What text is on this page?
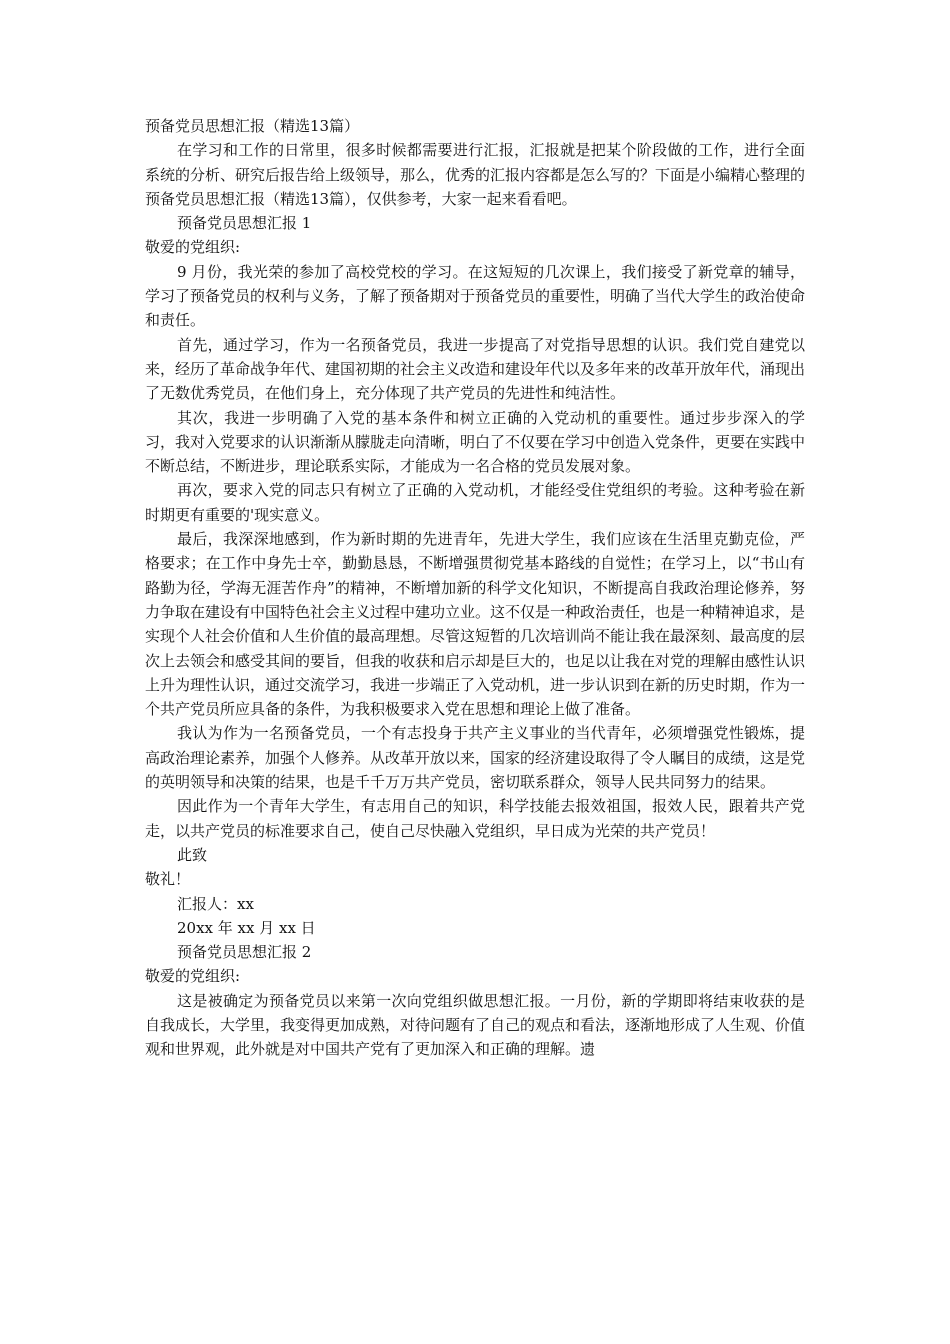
预备党员思想汇报（精选13篇）

在学习和工作的日常里，很多时候都需要进行汇报，汇报就是把某个阶段做的工作，进行全面系统的分析、研究后报告给上级领导，那么，优秀的汇报内容都是怎么写的？下面是小编精心整理的预备党员思想汇报（精选13篇），仅供参考，大家一起来看看吧。

预备党员思想汇报 1

敬爱的党组织:

9 月份，我光荣的参加了高校党校的学习。在这短短的几次课上，我们接受了新党章的辅导，学习了预备党员的权利与义务，了解了预备期对于预备党员的重要性，明确了当代大学生的政治使命和责任。

首先，通过学习，作为一名预备党员，我进一步提高了对党指导思想的认识。我们党自建党以来，经历了革命战争年代、建国初期的社会主义改造和建设年代以及多年来的改革开放年代，涌现出了无数优秀党员，在他们身上，充分体现了共产党员的先进性和纯洁性。

其次，我进一步明确了入党的基本条件和树立正确的入党动机的重要性。通过步步深入的学习，我对入党要求的认识渐渐从朦胧走向清晰，明白了不仅要在学习中创造入党条件，更要在实践中不断总结，不断进步，理论联系实际，才能成为一名合格的党员发展对象。

再次，要求入党的同志只有树立了正确的入党动机，才能经受住党组织的考验。这种考验在新时期更有重要的'现实意义。

最后，我深深地感到，作为新时期的先进青年，先进大学生，我们应该在生活里克勤克俭，严格要求；在工作中身先士卒，勤勤恳恳，不断增强贯彻党基本路线的自觉性；在学习上，以“书山有路勤为径，学海无涯苦作舟”的精神，不断增加新的科学文化知识，不断提高自我政治理论修养，努力争取在建设有中国特色社会主义过程中建功立业。这不仅是一种政治责任，也是一种精神追求，是实现个人社会价值和人生价值的最高理想。尽管这短暂的几次培训尚不能让我在最深刻、最高度的层次上去领会和感受其间的要旨，但我的收获和启示却是巨大的，也足以让我在对党的理解由感性认识上升为理性认识，通过交流学习，我进一步端正了入党动机，进一步认识到在新的历史时期，作为一个共产党员所应具备的条件，为我积极要求入党在思想和理论上做了准备。

我认为作为一名预备党员，一个有志投身于共产主义事业的当代青年，必须增强党性锻炼，提高政治理论素养，加强个人修养。从改革开放以来，国家的经济建设取得了令人瞩目的成绩，这是党的英明领导和决策的结果，也是千千万万共产党员，密切联系群众，领导人民共同努力的结果。

因此作为一个青年大学生，有志用自己的知识，科学技能去报效祖国，报效人民，跟着共产党走，以共产党员的标准要求自己，使自己尽快融入党组织，早日成为光荣的共产党员！

此致

敬礼！

汇报人：xx

20xx 年 xx 月 xx 日

预备党员思想汇报 2

敬爱的党组织:

这是被确定为预备党员以来第一次向党组织做思想汇报。一月份，新的学期即将结束收获的是自我成长，大学里，我变得更加成熟，对待问题有了自己的观点和看法，逐渐地形成了人生观、价值观和世界观，此外就是对中国共产党有了更加深入和正确的理解。遗
